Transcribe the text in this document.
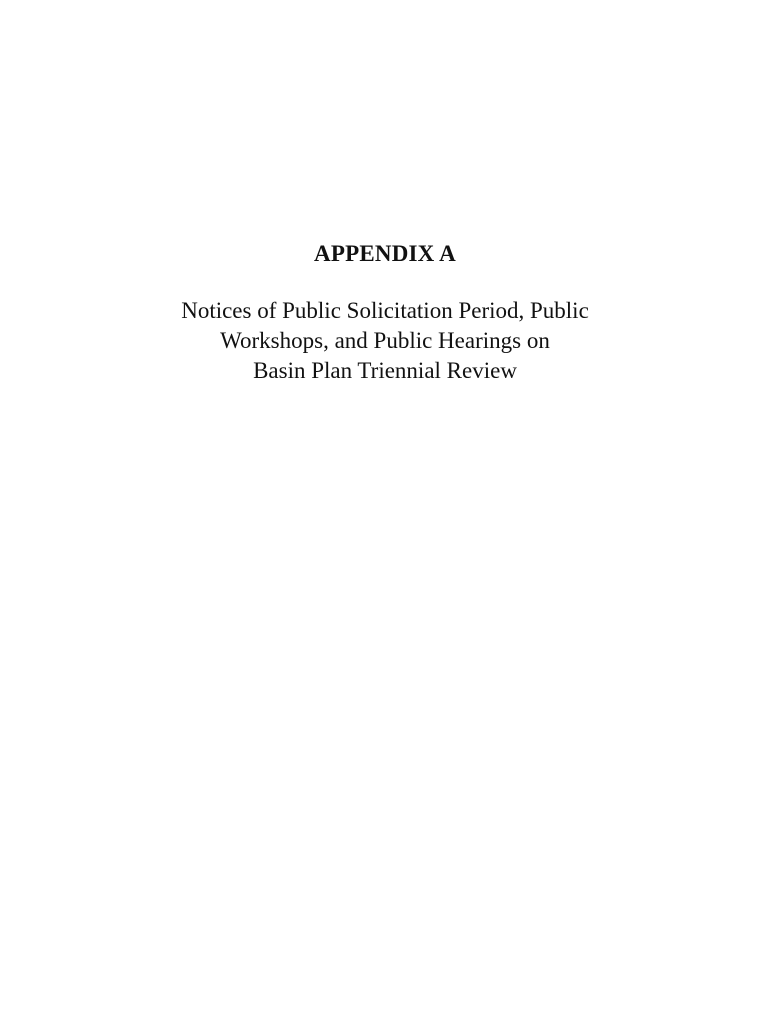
APPENDIX A
Notices of Public Solicitation Period, Public
Workshops, and Public Hearings on
Basin Plan Triennial Review
